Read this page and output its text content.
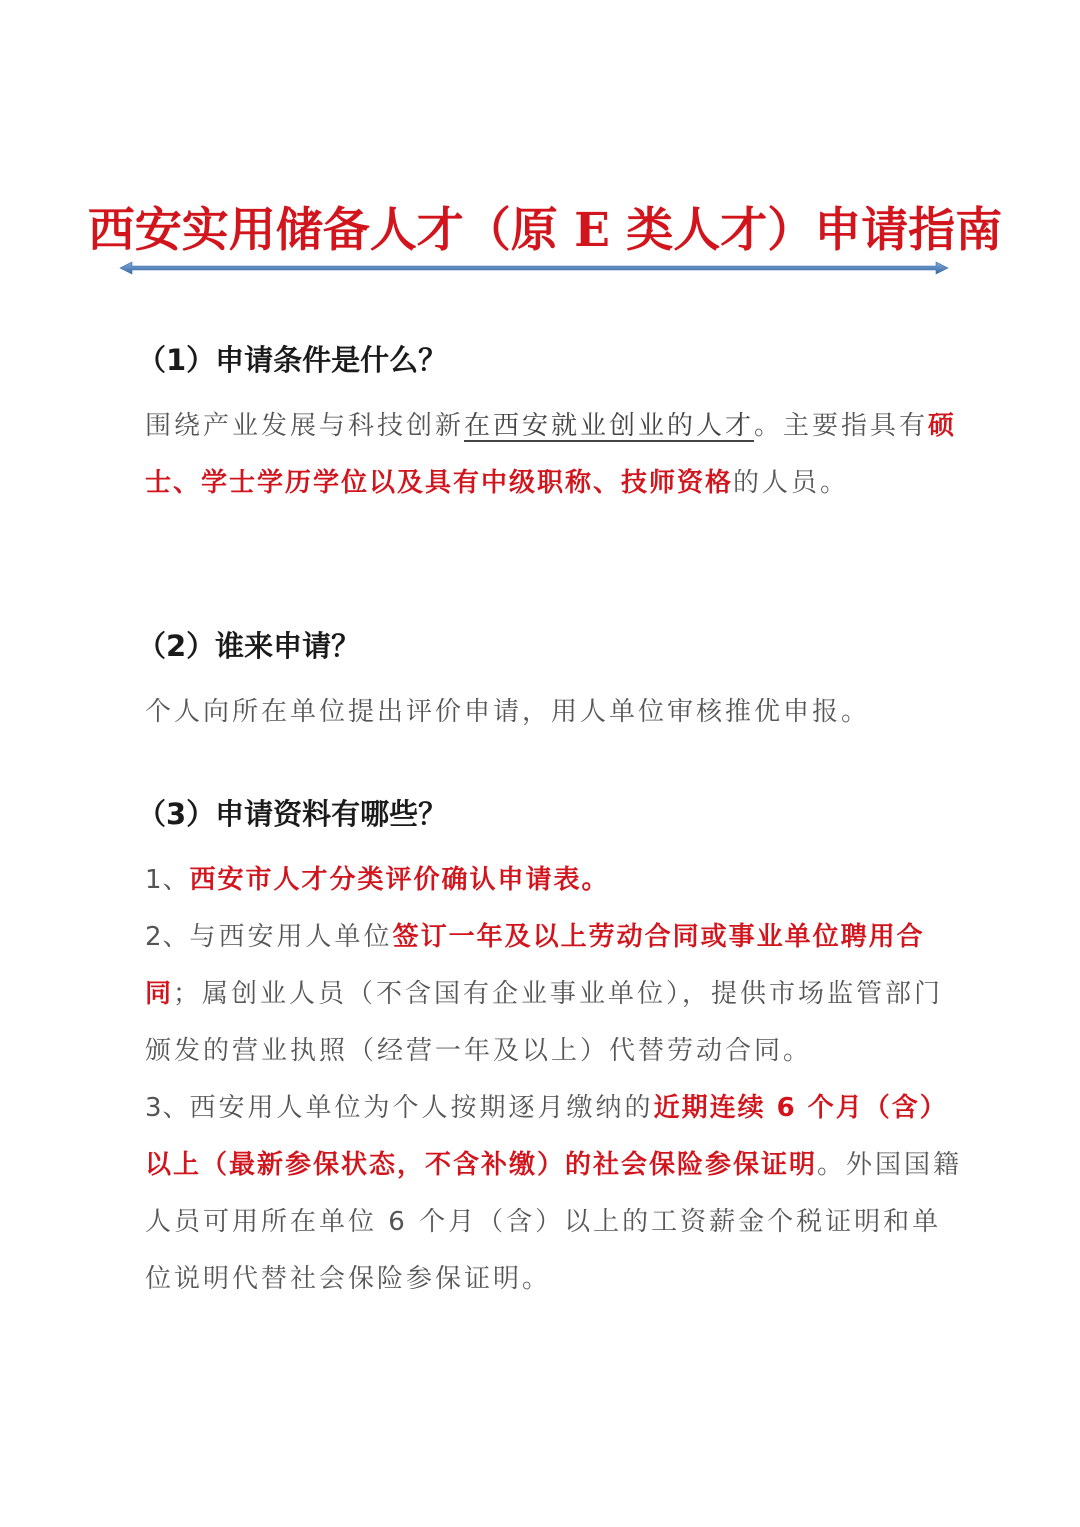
西安实用储备人才（原 E 类人才）申请指南
（1）申请条件是什么？

围绕产业发展与科技创新在西安就业创业的人才。主要指具有硕士、学士学历学位以及具有中级职称、技师资格的人员。

（2）谁来申请？

个人向所在单位提出评价申请，用人单位审核推优申报。

（3）申请资料有哪些？

1、西安市人才分类评价确认申请表。

2、与西安用人单位签订一年及以上劳动合同或事业单位聘用合同；属创业人员（不含国有企业事业单位），提供市场监管部门颁发的营业执照（经营一年及以上）代替劳动合同。

3、西安用人单位为个人按期逐月缴纳的近期连续 6 个月（含）以上（最新参保状态，不含补缴）的社会保险参保证明。外国国籍人员可用所在单位 6 个月（含）以上的工资薪金个税证明和单位说明代替社会保险参保证明。
